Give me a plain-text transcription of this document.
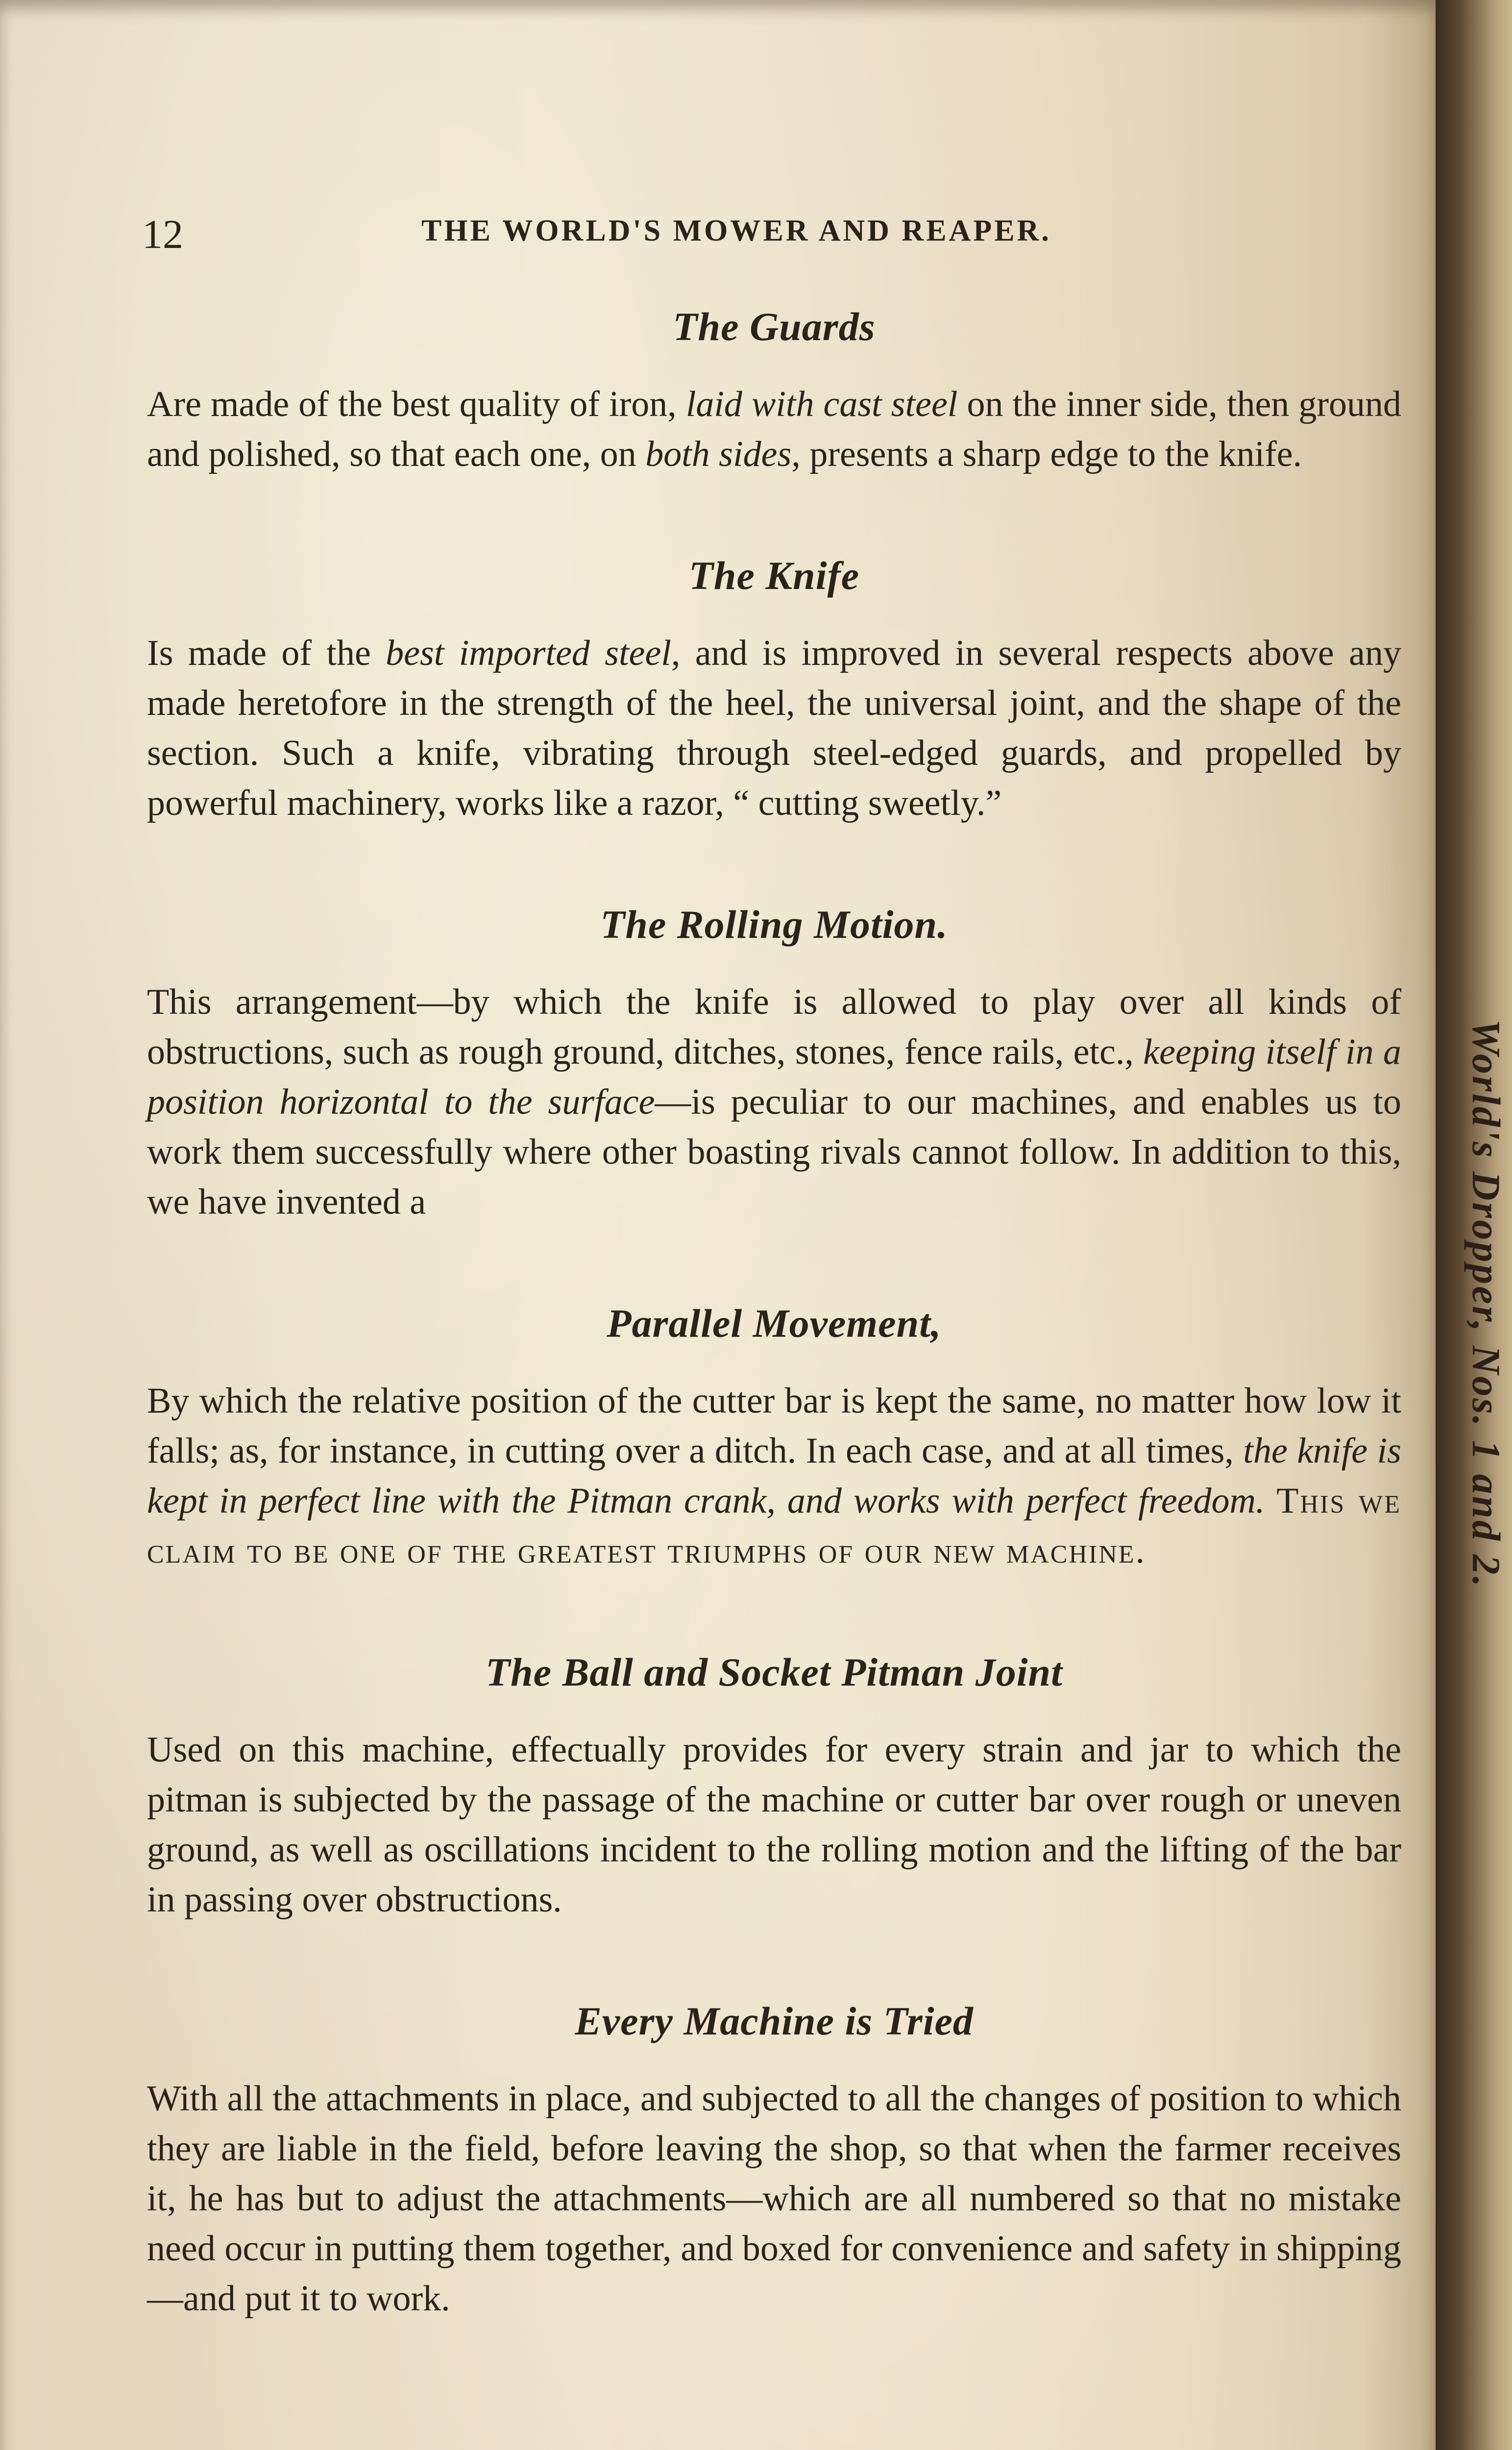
12	THE WORLD'S MOWER AND REAPER.
The Guards

Are made of the best quality of iron, laid with cast steel on the inner side, then ground and polished, so that each one, on both sides, presents a sharp edge to the knife.

The Knife

Is made of the best imported steel, and is improved in several respects above any made heretofore in the strength of the heel, the universal joint, and the shape of the section. Such a knife, vibrating through steel-edged guards, and propelled by powerful machinery, works like a razor, “ cutting sweetly.”

The Rolling Motion.

This arrangement—by which the knife is allowed to play over all kinds of obstructions, such as rough ground, ditches, stones, fence rails, etc., keeping itself in a position horizontal to the surface—is peculiar to our machines, and enables us to work them successfully where other boasting rivals cannot follow. In addition to this, we have invented a

Parallel Movement,

By which the relative position of the cutter bar is kept the same, no matter how low it falls; as, for instance, in cutting over a ditch. In each case, and at all times, the knife is kept in perfect line with the Pitman crank, and works with perfect freedom. This we claim to be one of the greatest triumphs of our new machine.

The Ball and Socket Pitman Joint

Used on this machine, effectually provides for every strain and jar to which the pitman is subjected by the passage of the machine or cutter bar over rough or uneven ground, as well as oscillations incident to the rolling motion and the lifting of the bar in passing over obstructions.

Every Machine is Tried

With all the attachments in place, and subjected to all the changes of position to which they are liable in the field, before leaving the shop, so that when the farmer receives it, he has but to adjust the attachments—which are all numbered so that no mistake need occur in putting them together, and boxed for convenience and safety in shipping—and put it to work.

World's Dropper, Nos. 1 and 2.
